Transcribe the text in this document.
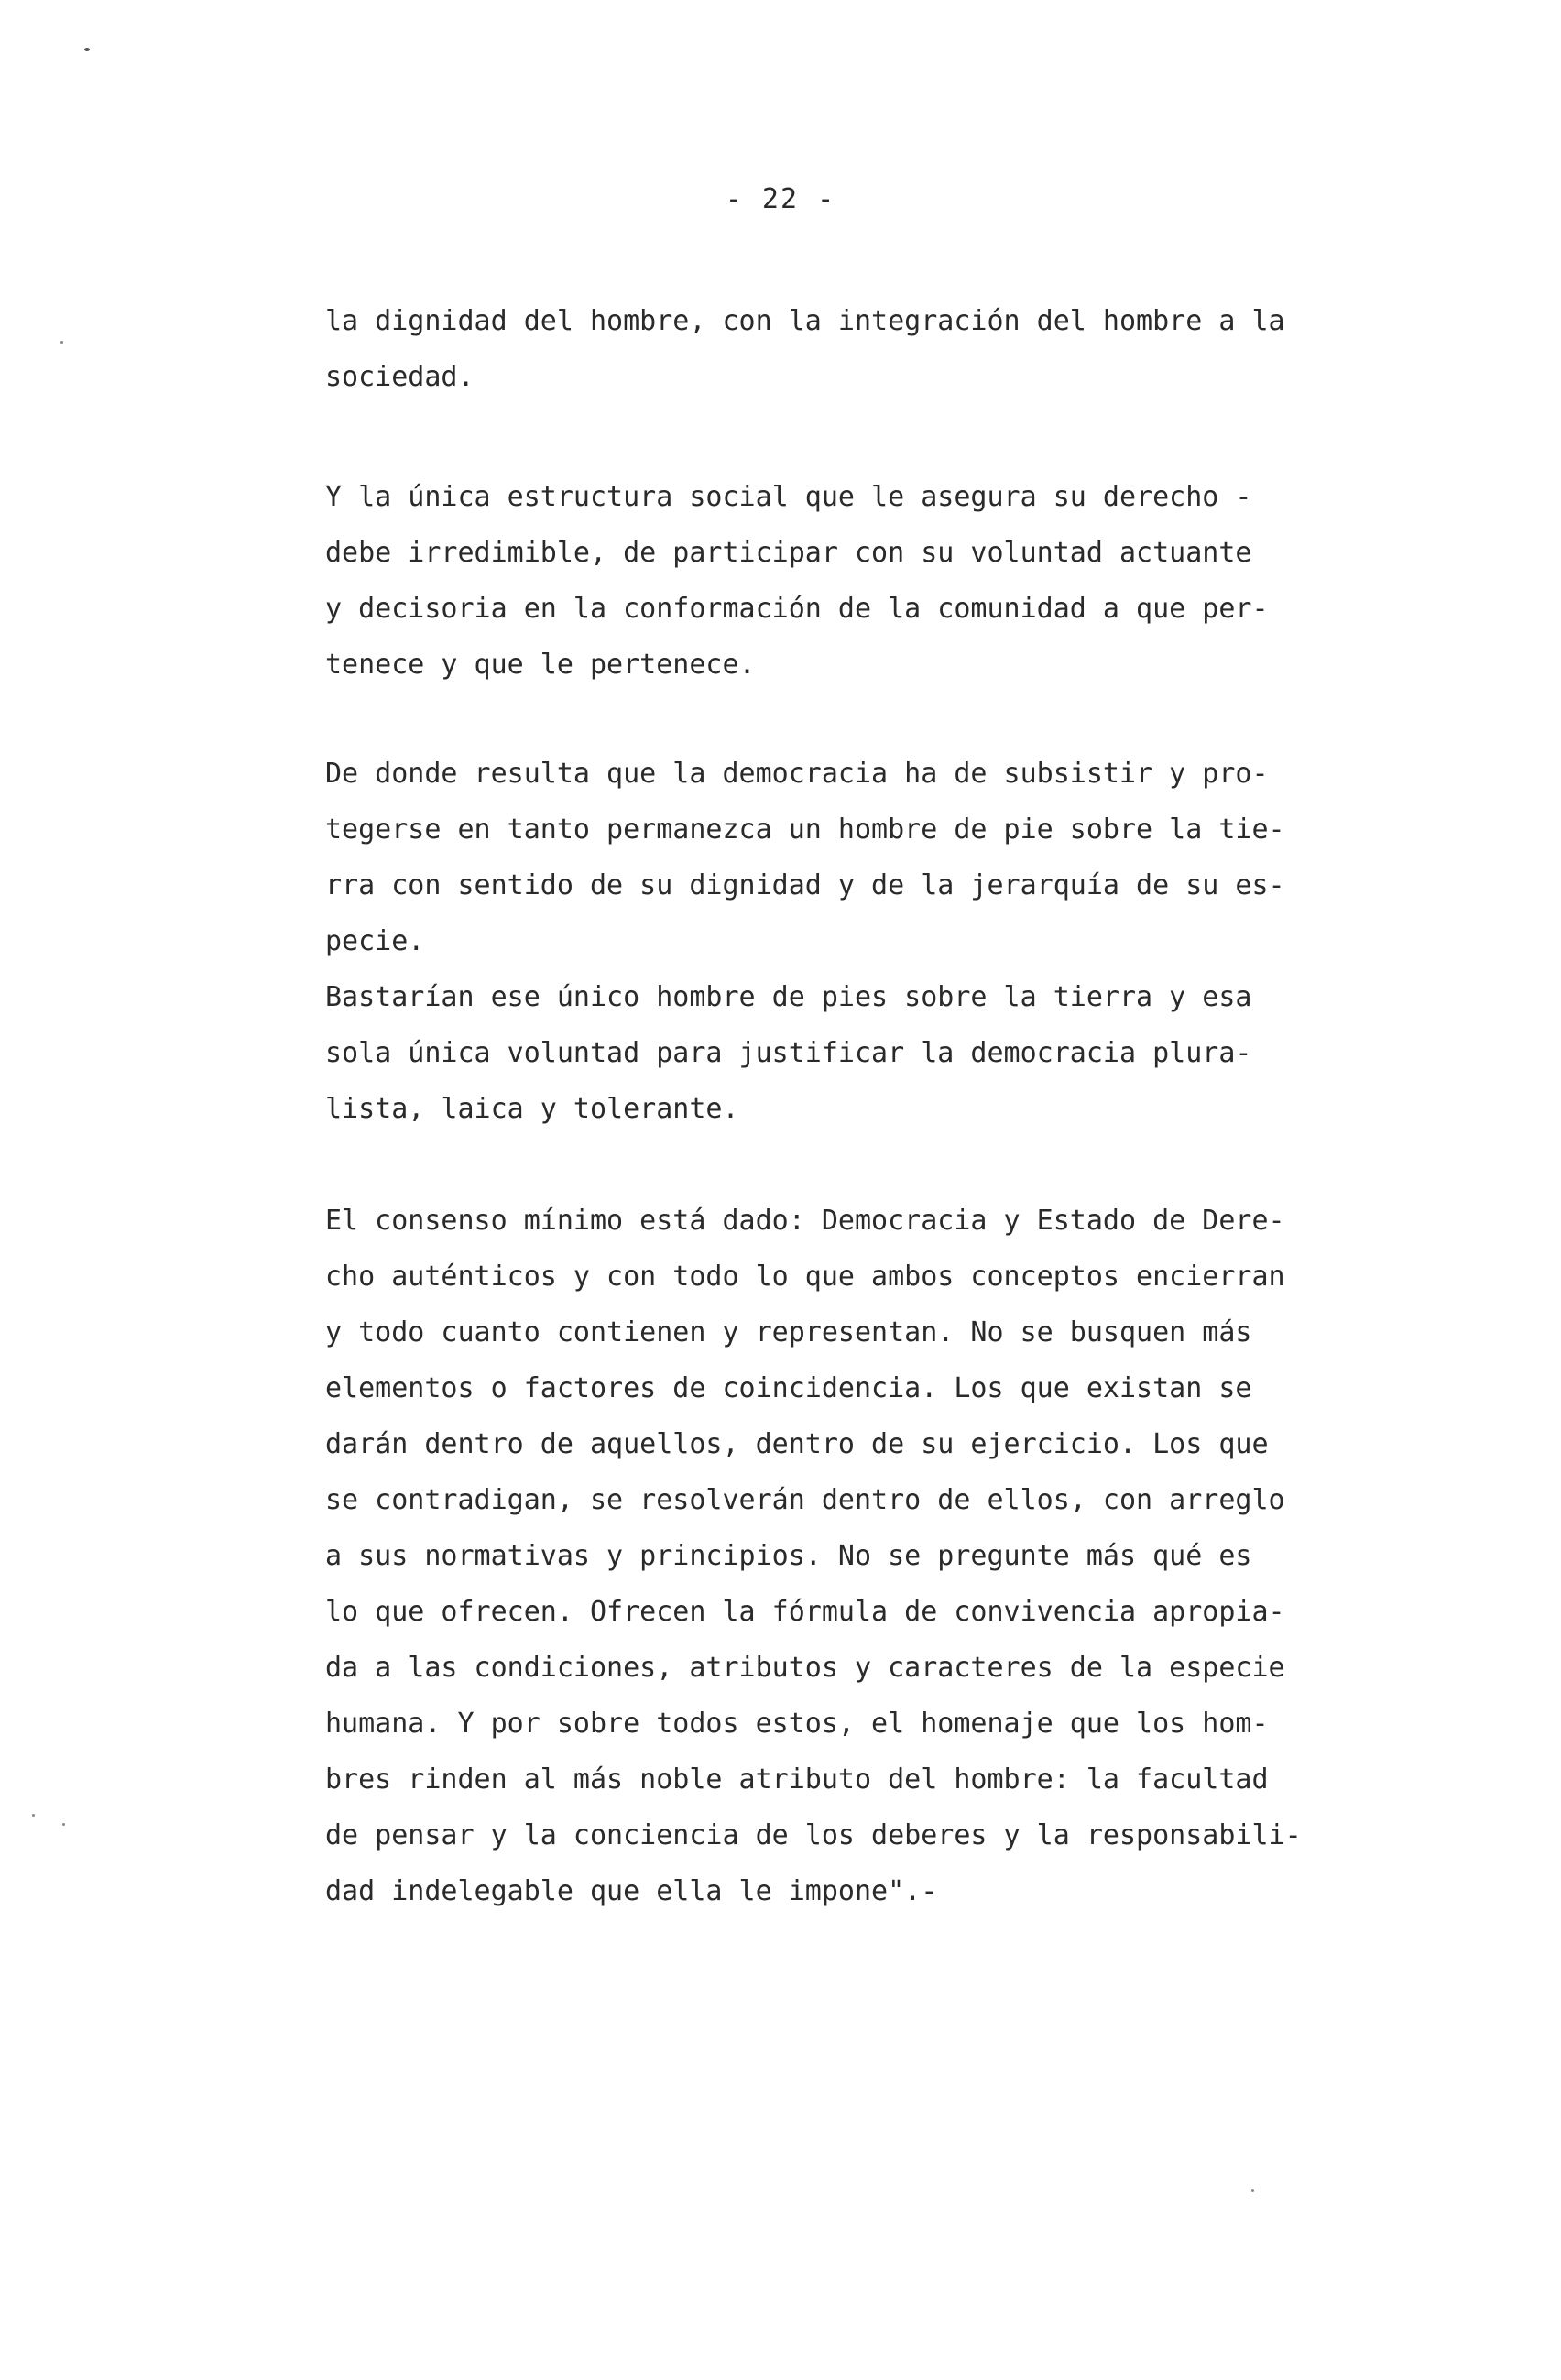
- 22 -
la dignidad del hombre, con la integración del hombre a la
sociedad.
Y la única estructura social que le asegura su derecho -
debe irredimible, de participar con su voluntad actuante
y decisoria en la conformación de la comunidad a que per-
tenece y que le pertenece.
De donde resulta que la democracia ha de subsistir y pro-
tegerse en tanto permanezca un hombre de pie sobre la tie-
rra con sentido de su dignidad y de la jerarquía de su es-
pecie.
Bastarían ese único hombre de pies sobre la tierra y esa
sola única voluntad para justificar la democracia plura-
lista, laica y tolerante.
El consenso mínimo está dado: Democracia y Estado de Dere-
cho auténticos y con todo lo que ambos conceptos encierran
y todo cuanto contienen y representan. No se busquen más
elementos o factores de coincidencia. Los que existan se
darán dentro de aquellos, dentro de su ejercicio. Los que
se contradigan, se resolverán dentro de ellos, con arreglo
a sus normativas y principios. No se pregunte más qué es
lo que ofrecen. Ofrecen la fórmula de convivencia apropia-
da a las condiciones, atributos y caracteres de la especie
humana. Y por sobre todos estos, el homenaje que los hom-
bres rinden al más noble atributo del hombre: la facultad
de pensar y la conciencia de los deberes y la responsabili-
dad indelegable que ella le impone".-
